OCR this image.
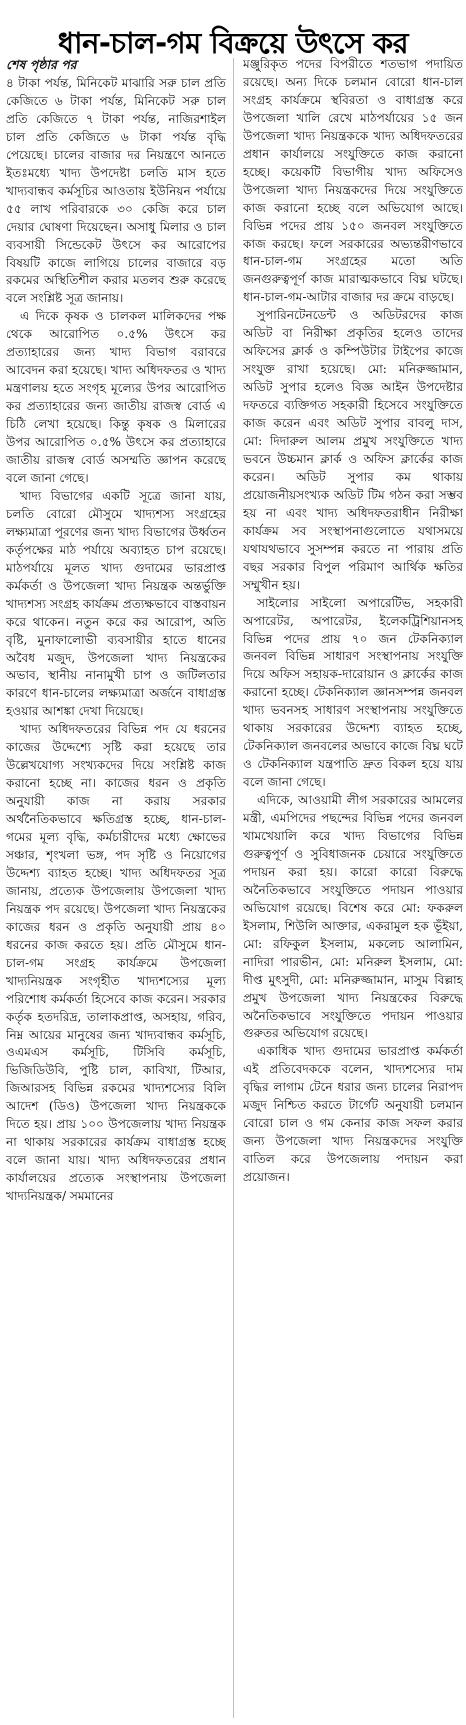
ধান-চাল-গম বিক্রয়ে উৎসে কর
শেষ পৃষ্ঠার পর

৪ টাকা পর্যন্ত, মিনিকেট মাঝারি সরু চাল প্রতি কেজিতে ৬ টাকা পর্যন্ত, মিনিকেট সরু চাল প্রতি কেজিতে ৭ টাকা পর্যন্ত, নাজিরশাইল চাল প্রতি কেজিতে ৬ টাকা পর্যন্ত বৃদ্ধি পেয়েছে। চালের বাজার দর নিয়ন্ত্রণে আনতে ইতঃমধ্যে খাদ্য উপদেষ্টা চলতি মাস হতে খাদ্যবান্ধব কর্মসূচির আওতায় ইউনিয়ন পর্যায়ে ৫৫ লাখ পরিবারকে ৩০ কেজি করে চাল দেয়ার ঘোষণা দিয়েছেন। অসাধু মিলার ও চাল ব্যবসায়ী সিন্ডেকেট উৎসে কর আরোপের বিষয়টি কাজে লাগিয়ে চালের বাজারে বড় রকমের অস্থিতিশীল করার মতলব শুরু করেছে বলে সংশ্লিষ্ট সূত্র জানায়।

এ দিকে কৃষক ও চালকল মালিকদের পক্ষ থেকে আরোপিত ০.৫% উৎসে কর প্রত্যাহারের জন্য খাদ্য বিভাগ বরাবরে আবেদন করা হয়েছে। খাদ্য অধিদফতর ও খাদ্য মন্ত্রণালয় হতে সংগৃহ মূল্যের উপর আরোপিত কর প্রত্যাহারের জন্য জাতীয় রাজস্ব বোর্ড এ চিঠি লেখা হয়েছে। কিন্তু কৃষক ও মিলারের উপর আরোপিত ০.৫% উৎসে কর প্রত্যাহারে জাতীয় রাজস্ব বোর্ড অসম্মতি জ্ঞাপন করেছে বলে জানা গেছে।

খাদ্য বিভাগের একটি সূত্রে জানা যায়, চলতি বোরো মৌসুমে খাদ্যশস্য সংগ্রহের লক্ষ্যমাত্রা পূরণের জন্য খাদ্য বিভাগের উর্ধ্বতন কর্তৃপক্ষের মাঠ পর্যায়ে অব্যাহত চাপ রয়েছে। মাঠপর্যায়ে মূলত খাদ্য গুদামের ভারপ্রাপ্ত কর্মকর্তা ও উপজেলা খাদ্য নিয়ন্ত্রক অন্তর্ভুক্তি খাদ্যশস্য সংগ্রহ কার্যক্রম প্রত্যক্ষভাবে বাস্তবায়ন করে থাকেন। নতুন করে কর আরোপ, অতি বৃষ্টি, মুনাফালোভী ব্যবসায়ীর হাতে ধানের অবৈধ মজুদ, উপজেলা খাদ্য নিয়ন্ত্রকের অভাব, স্থানীয় নানামুখী চাপ ও জটিলতার কারণে ধান-চালের লক্ষ্যমাত্রা অর্জনে বাধাগ্রস্ত হওয়ার আশঙ্কা দেখা দিয়েছে।

খাদ্য অধিদফতরের বিভিন্ন পদ যে ধরনের কাজের উদ্দেশ্যে সৃষ্টি করা হয়েছে তার উল্লেখযোগ্য সংখ্যকদের দিয়ে সংশ্লিষ্ট কাজ করানো হচ্ছে না। কাজের ধরন ও প্রকৃতি অনুযায়ী কাজ না করায় সরকার অর্থনৈতিকভাবে ক্ষতিগ্রস্ত হচ্ছে, ধান-চাল-গমের মূল্য বৃদ্ধি, কর্মচারীদের মধ্যে ক্ষোভের সঞ্চার, শৃংখলা ভঙ্গ, পদ সৃষ্টি ও নিয়োগের উদ্দেশ্য ব্যাহত হচ্ছে। খাদ্য অধিদফতর সূত্র জানায়, প্রত্যেক উপজেলায় উপজেলা খাদ্য নিয়ন্ত্রক পদ রয়েছে। উপজেলা খাদ্য নিয়ন্ত্রকের কাজের ধরন ও প্রকৃতি অনুযায়ী প্রায় ৪০ ধরনের কাজ করতে হয়। প্রতি মৌসুমে ধান-চাল-গম সংগ্রহ কার্যক্রমে উপজেলা খাদ্যনিয়ন্ত্রক সংগৃহীত খাদ্যশস্যের মূল্য পরিশোধ কর্মকর্তা হিসেবে কাজ করেন। সরকার কর্তৃক হতদরিদ্র, তালাকপ্রাপ্ত, অসহায়, গরিব, নিম্ন আয়ের মানুষের জন্য খাদ্যবান্ধব কর্মসূচি, ওএমএস কর্মসূচি, টিসিবি কর্মসূচি, ভিজিডিউবি, পুষ্টি চাল, কাবিখা, টিআর, জিআরসহ বিভিন্ন রকমের খাদ্যশস্যের বিলি আদেশ (ডিও) উপজেলা খাদ্য নিয়ন্ত্রককে দিতে হয়। প্রায় ১০০ উপজেলায় খাদ্য নিয়ন্ত্রক না থাকায় সরকারের কার্যক্রম বাধাগ্রস্ত হচ্ছে বলে জানা যায়। খাদ্য অধিদফতরের প্রধান কার্যালয়ের প্রত্যেক সংস্থাপনায় উপজেলা খাদ্যনিয়ন্ত্রক/ সমমানের

মঞ্জুরিকৃত পদের বিপরীতে শতভাগ পদায়িত রয়েছে। অন্য দিকে চলমান বোরো ধান-চাল সংগ্রহ কার্যক্রমে স্থবিরতা ও বাধাগ্রস্ত করে উপজেলা খালি রেখে মাঠপর্যায়ের ১৫ জন উপজেলা খাদ্য নিয়ন্ত্রককে খাদ্য অধিদফতরের প্রধান কার্যালয়ে সংযুক্তিতে কাজ করানো হচ্ছে। কয়েকটি বিভাগীয় খাদ্য অফিসেও উপজেলা খাদ্য নিয়ন্ত্রকদের দিয়ে সংযুক্তিতে কাজ করানো হচ্ছে বলে অভিযোগ আছে। বিভিন্ন পদের প্রায় ১৫০ জনবল সংযুক্তিতে কাজ করছে। ফলে সরকারের অভ্যন্তরীণভাবে ধান-চাল-গম সংগ্রহের মতো অতি জনগুরুত্বপূর্ণ কাজ মারাত্মকভাবে বিঘ্ন ঘটছে। ধান-চাল-গম-আটার বাজার দর ক্রমে বাড়ছে।

সুপারিনটেনডেন্ট ও অডিটরদের কাজ অডিট বা নিরীক্ষা প্রকৃতির হলেও তাদের অফিসের ক্লার্ক ও কম্পিউটার টাইপের কাজে সংযুক্ত রাখা হয়েছে। মো: মনিরুজ্জামান, অডিট সুপার হলেও বিজ্ঞ আইন উপদেষ্টার দফতরে ব্যক্তিগত সহকারী হিসেবে সংযুক্তিতে কাজ করেন এবং অডিট সুপার বাবলু দাস, মো: দিদারুল আলম প্রমুখ সংযুক্তিতে খাদ্য ভবনে উচ্চমান ক্লার্ক ও অফিস ক্লার্কের কাজ করেন। অডিট সুপার কম থাকায় প্রয়োজনীয়সংখ্যক অডিট টিম গঠন করা সম্ভব হয় না এবং খাদ্য অধিদফতরাধীন নিরীক্ষা কার্যক্রম সব সংস্থাপনাগুলোতে যথাসময়ে যথাযথভাবে সুসম্পন্ন করতে না পারায় প্রতি বছর সরকার বিপুল পরিমাণ আর্থিক ক্ষতির সম্মুখীন হয়।

সাইলোর সাইলো অপারেটিভ, সহকারী অপারেটর, অপারেটর, ইলেকট্রিশিয়ানসহ বিভিন্ন পদের প্রায় ৭০ জন টেকনিক্যাল জনবল বিভিন্ন সাধারণ সংস্থাপনায় সংযুক্তি দিয়ে অফিস সহায়ক-দারোয়ান ও ক্লার্কের কাজ করানো হচ্ছে। টেকনিক্যাল জ্ঞানসম্পন্ন জনবল খাদ্য ভবনসহ সাধারণ সংস্থাপনায় সংযুক্তিতে থাকায় সরকারের উদ্দেশ্য ব্যাহত হচ্ছে, টেকনিক্যাল জনবলের অভাবে কাজে বিঘ্ন ঘটে ও টেকনিক্যাল যন্ত্রপাতি দ্রুত বিকল হয়ে যায় বলে জানা গেছে।

এদিকে, আওয়ামী লীগ সরকারের আমলের মন্ত্রী, এমপিদের পছন্দের বিভিন্ন পদের জনবল খামখেয়ালি করে খাদ্য বিভাগের বিভিন্ন গুরুত্বপূর্ণ ও সুবিধাজনক চেয়ারে সংযুক্তিতে পদায়ন করা হয়। কারো কারো বিরুদ্ধে অনৈতিকভাবে সংযুক্তিতে পদায়ন পাওয়ার অভিযোগ রয়েছে। বিশেষ করে মো: ফকরুল ইসলাম, শিউলি আক্তার, একরামুল হক ভূঁইয়া, মো: রফিকুল ইসলাম, মকলেচ আলামিন, নাদিরা পারভীন, মো: মনিরুল ইসলাম, মো: দীপ্ত মুৎসুদী, মো: মনিরুজ্জামান, মাসুম বিল্লাহ প্রমুখ উপজেলা খাদ্য নিয়ন্ত্রকের বিরুদ্ধে অনৈতিকভাবে সংযুক্তিতে পদায়ন পাওয়ার গুরুতর অভিযোগ রয়েছে।

একাধিক খাদ্য গুদামের ভারপ্রাপ্ত কর্মকর্তা এই প্রতিবেদককে বলেন, খাদ্যশস্যের দাম বৃদ্ধির লাগাম টেনে ধরার জন্য চালের নিরাপদ মজুদ নিশ্চিত করতে টার্গেট অনুযায়ী চলমান বোরো চাল ও গম কেনার কাজ সফল করার জন্য উপজেলা খাদ্য নিয়ন্ত্রকদের সংযুক্তি বাতিল করে উপজেলায় পদায়ন করা প্রয়োজন।
